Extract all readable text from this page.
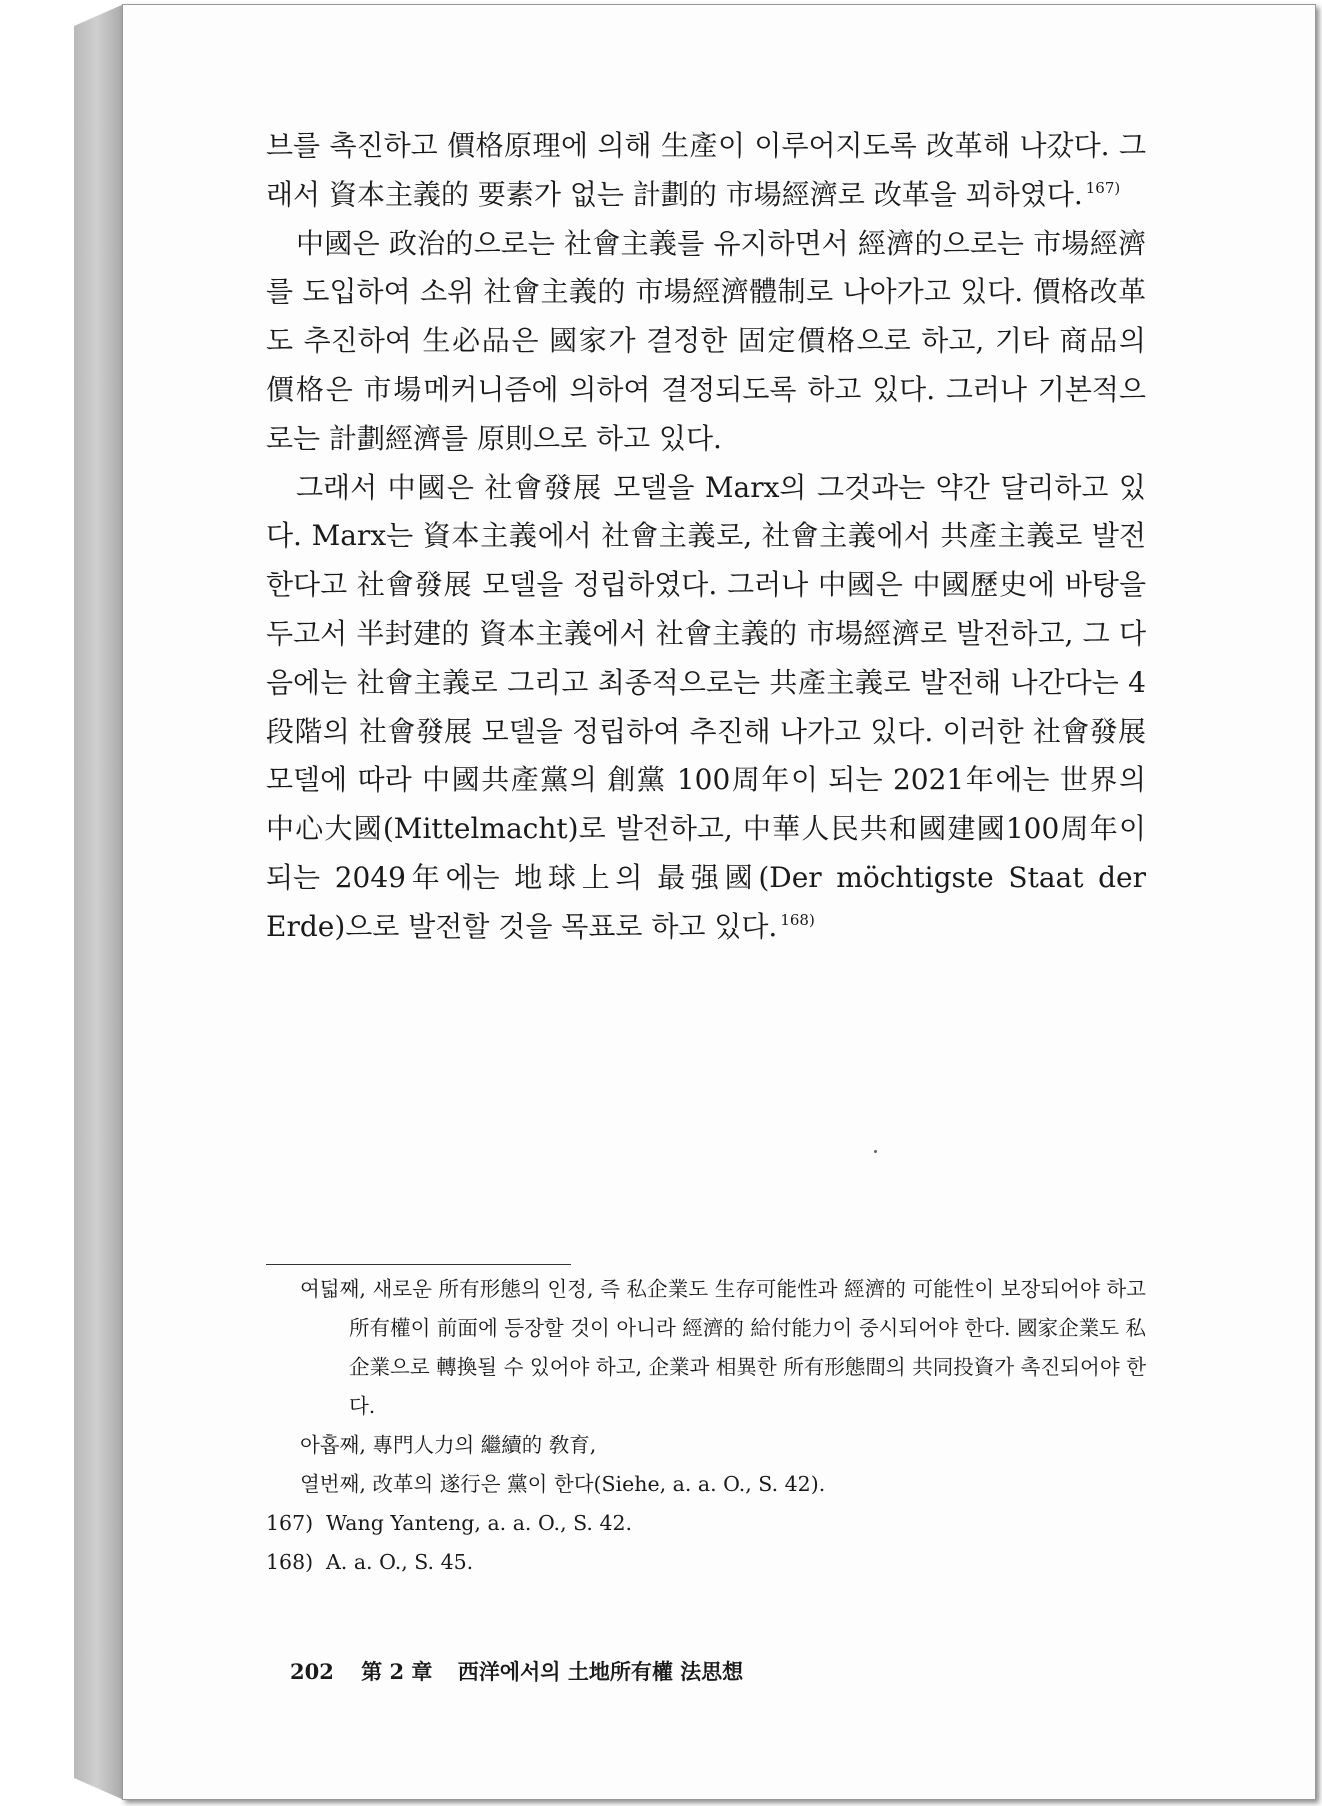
브를 촉진하고 價格原理에 의해 生產이 이루어지도록 改革해 나갔다. 그래서 資本主義的 要素가 없는 計劃的 市場經濟로 改革을 꾀하였다. $^{167)}$

中國은 政治的으로는 社會主義를 유지하면서 經濟的으로는 市場經濟를 도입하여 소위 社會主義的 市場經濟體制로 나아가고 있다. 價格改革도 추진하여 生必品은 國家가 결정한 固定價格으로 하고, 기타 商品의 價格은 市場메커니즘에 의하여 결정되도록 하고 있다. 그러나 기본적으로는 計劃經濟를 原則으로 하고 있다.

그래서 中國은 社會發展 모델을 Marx의 그것과는 약간 달리하고 있다. Marx는 資本主義에서 社會主義로, 社會主義에서 共產主義로 발전한다고 社會發展 모델을 정립하였다. 그러나 中國은 中國歷史에 바탕을 두고서 半封建的 資本主義에서 社會主義的 市場經濟로 발전하고, 그 다음에는 社會主義로 그리고 최종적으로는 共產主義로 발전해 나간다는 4段階의 社會發展 모델을 정립하여 추진해 나가고 있다. 이러한 社會發展 모델에 따라 中國共產黨의 創黨 100周年이 되는 2021年에는 世界의 中心大國(Mittelmacht)로 발전하고, 中華人民共和國建國100周年이 되는 2049年에는 地球上의 最强國(Der möchtigste Staat der Erde)으로 발전할 것을 목표로 하고 있다. $^{168)}$

여덟째, 새로운 所有形態의 인정, 즉 私企業도 生存可能性과 經濟的 可能性이 보장되어야 하고 所有權이 前面에 등장할 것이 아니라 經濟的 給付能力이 중시되어야 한다. 國家企業도 私企業으로 轉換될 수 있어야 하고, 企業과 相異한 所有形態間의 共同投資가 촉진되어야 한다.
아홉째, 專門人力의 繼續的 敎育,
열번째, 改革의 遂行은 黨이 한다(Siehe, a. a. O., S. 42).
167) Wang Yanteng, a. a. O., S. 42.
168) A. a. O., S. 45.
202 第 2 章 西洋에서의 土地所有權 法思想
